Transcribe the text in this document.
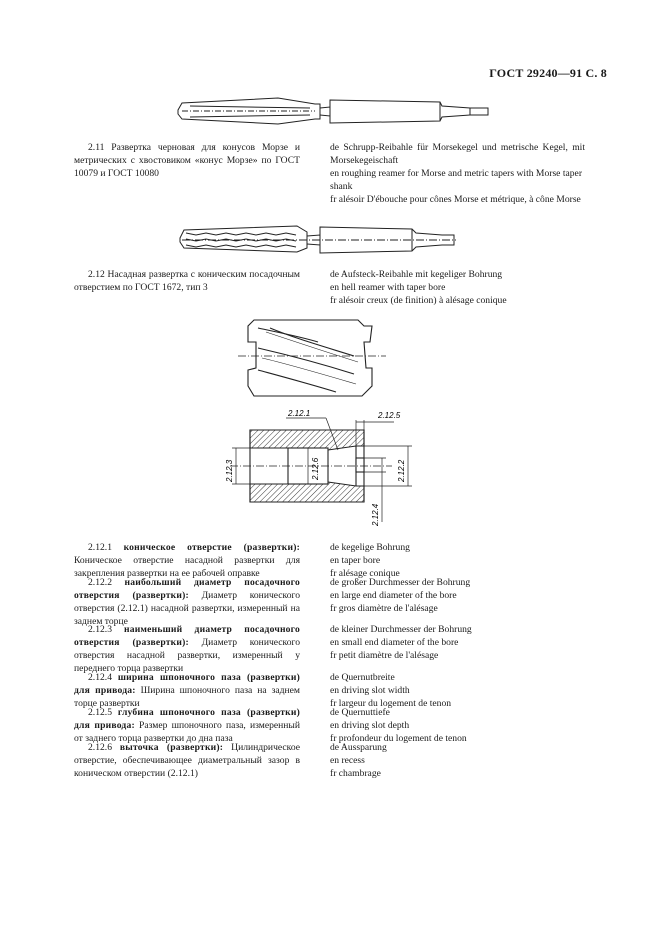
ГОСТ 29240—91 С. 8
2.11 Развертка черновая для конусов Морзе и метрических с хвостовиком «конус Морзе» по ГОСТ 10079 и ГОСТ 10080
de Schrupp-Reibahle für Morsekegel und metrische Kegel, mit Morsekegeischaft
en roughing reamer for Morse and metric tapers with Morse taper shank
fr alésoir D'ébouche pour cônes Morse et métrique, à cône Morse
2.12 Насадная развертка с коническим посадочным отверстием по ГОСТ 1672, тип 3
de Aufsteck-Reibahle mit kegeliger Bohrung
en hell reamer with taper bore
fr alésoir creux (de finition) à alésage conique
2.12.1	2.12.5
2.12.6
2.12.3	2.12.2
2.12.4
2.12.1 коническое отверстие (развертки): Коническое отверстие насадной развертки для закрепления развертки на ее рабочей оправке
de kegelige Bohrung
en taper bore
fr alésage conique
2.12.2 наибольший диаметр посадочного отверстия (развертки): Диаметр конического отверстия (2.12.1) насадной развертки, измеренный на заднем торце
de großer Durchmesser der Bohrung
en large end diameter of the bore
fr gros diamètre de l'alésage
2.12.3 наименьший диаметр посадочного отверстия (развертки): Диаметр конического отверстия насадной развертки, измеренный у переднего торца развертки
de kleiner Durchmesser der Bohrung
en small end diameter of the bore
fr petit diamètre de l'alésage
2.12.4 ширина шпоночного паза (развертки) для привода: Ширина шпоночного паза на заднем торце развертки
de Quernutbreite
en driving slot width
fr largeur du logement de tenon
2.12.5 глубина шпоночного паза (развертки) для привода: Размер шпоночного паза, измеренный от заднего торца развертки до дна паза
de Quernuttiefe
en driving slot depth
fr profondeur du logement de tenon
2.12.6 выточка (развертки): Цилиндрическое отверстие, обеспечивающее диаметральный зазор в коническом отверстии (2.12.1)
de Aussparung
en recess
fr chambrage
